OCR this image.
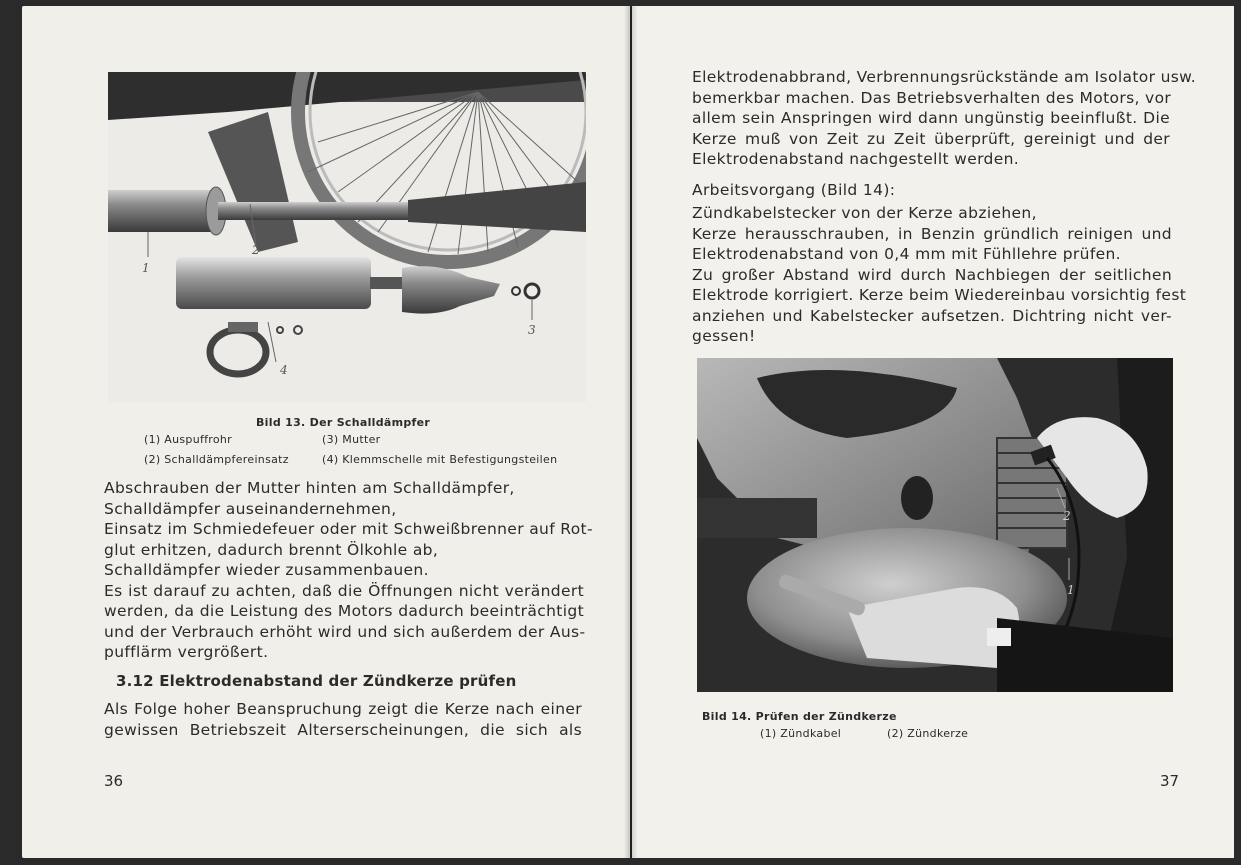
1
2
3
4
Bild 13. Der Schalldämpfer
(1) Auspuffrohr	(3) Mutter
(2) Schalldämpfereinsatz	(4) Klemmschelle mit Befestigungsteilen
Abschrauben der Mutter hinten am Schalldämpfer,
Schalldämpfer auseinandernehmen,
Einsatz im Schmiedefeuer oder mit Schweißbrenner auf Rot-
glut erhitzen, dadurch brennt Ölkohle ab,
Schalldämpfer wieder zusammenbauen.
Es ist darauf zu achten, daß die Öffnungen nicht verändert
werden, da die Leistung des Motors dadurch beeinträchtigt
und der Verbrauch erhöht wird und sich außerdem der Aus-
pufflärm vergrößert.
3.12 Elektrodenabstand der Zündkerze prüfen
Als Folge hoher Beanspruchung zeigt die Kerze nach einer
gewissen Betriebszeit Alterserscheinungen, die sich als
36
Elektrodenabbrand, Verbrennungsrückstände am Isolator usw.
bemerkbar machen. Das Betriebsverhalten des Motors, vor
allem sein Anspringen wird dann ungünstig beeinflußt. Die
Kerze muß von Zeit zu Zeit überprüft, gereinigt und der
Elektrodenabstand nachgestellt werden.
Arbeitsvorgang (Bild 14):
Zündkabelstecker von der Kerze abziehen,
Kerze herausschrauben, in Benzin gründlich reinigen und
Elektrodenabstand von 0,4 mm mit Fühllehre prüfen.
Zu großer Abstand wird durch Nachbiegen der seitlichen
Elektrode korrigiert. Kerze beim Wiedereinbau vorsichtig fest
anziehen und Kabelstecker aufsetzen. Dichtring nicht ver-
gessen!
2
1
Bild 14. Prüfen der Zündkerze
(1) Zündkabel	(2) Zündkerze
37
